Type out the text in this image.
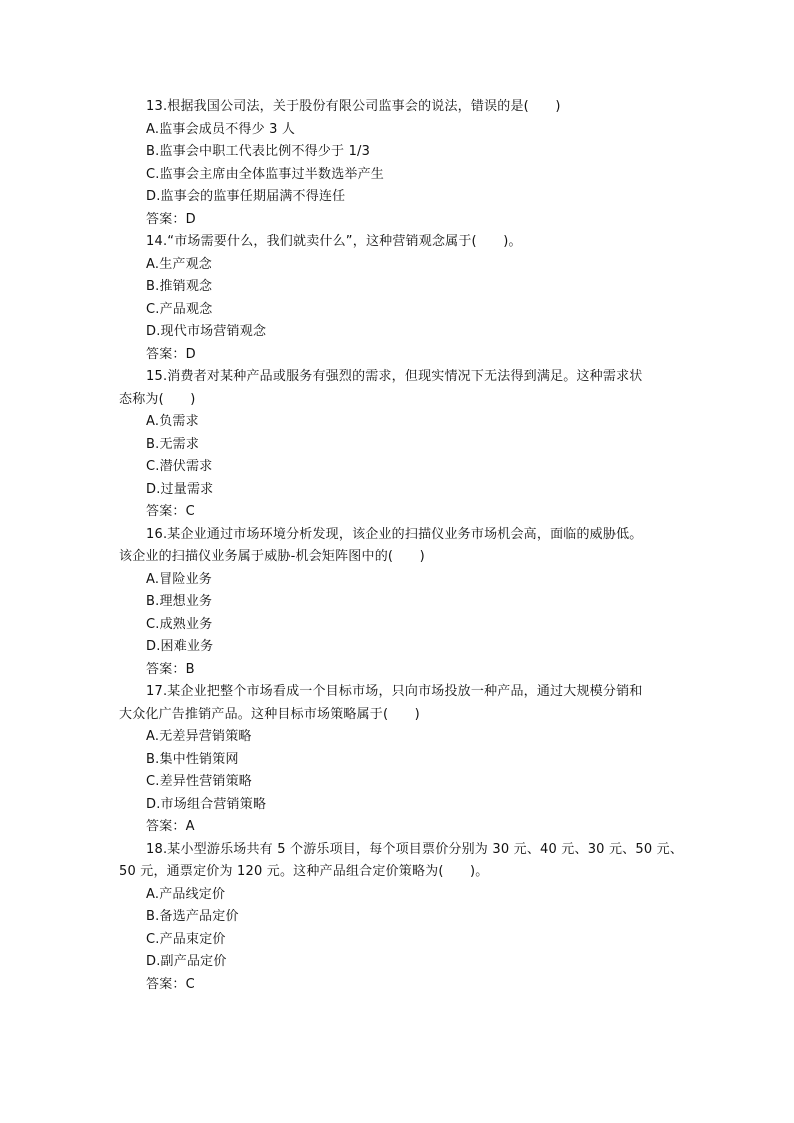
13.根据我国公司法，关于股份有限公司监事会的说法，错误的是(　　)
A.监事会成员不得少 3 人
B.监事会中职工代表比例不得少于 1/3
C.监事会主席由全体监事过半数选举产生
D.监事会的监事任期届满不得连任
答案：D
14.“市场需要什么，我们就卖什么”，这种营销观念属于(　　)。
A.生产观念
B.推销观念
C.产品观念
D.现代市场营销观念
答案：D
15.消费者对某种产品或服务有强烈的需求，但现实情况下无法得到满足。这种需求状
态称为(　　)
A.负需求
B.无需求
C.潜伏需求
D.过量需求
答案：C
16.某企业通过市场环境分析发现，该企业的扫描仪业务市场机会高，面临的威胁低。
该企业的扫描仪业务属于威胁-机会矩阵图中的(　　)
A.冒险业务
B.理想业务
C.成熟业务
D.困难业务
答案：B
17.某企业把整个市场看成一个目标市场，只向市场投放一种产品，通过大规模分销和
大众化广告推销产品。这种目标市场策略属于(　　)
A.无差异营销策略
B.集中性销策网
C.差异性营销策略
D.市场组合营销策略
答案：A
18.某小型游乐场共有 5 个游乐项目，每个项目票价分别为 30 元、40 元、30 元、50 元、
50 元，通票定价为 120 元。这种产品组合定价策略为(　　)。
A.产品线定价
B.备选产品定价
C.产品束定价
D.副产品定价
答案：C
